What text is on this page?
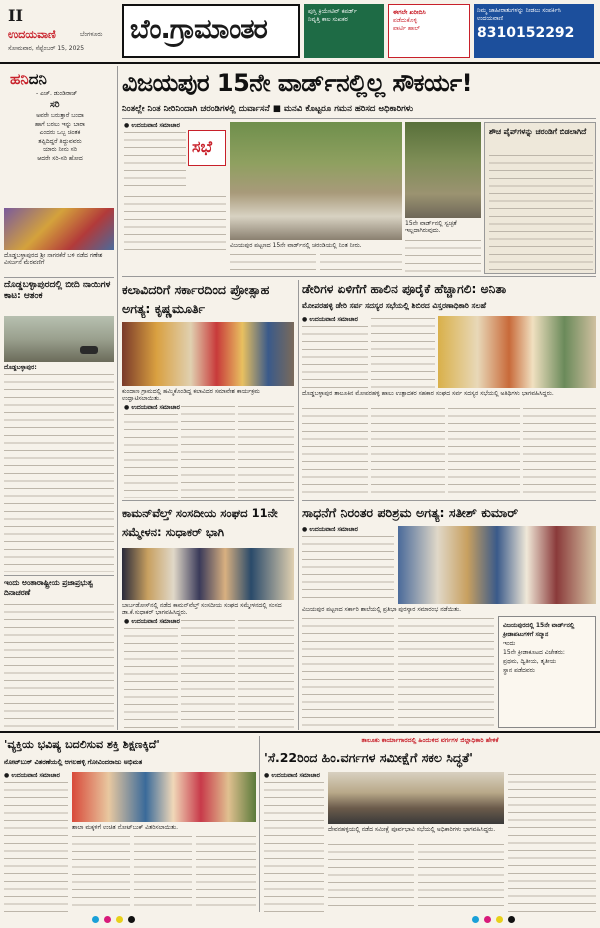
II
ಉದಯವಾಣಿ	ಬೆಂಗಳೂರು
ಸೋಮವಾರ, ಸೆಪ್ಟೆಂಬರ್ 15, 2025
ಬೆಂ.ಗ್ರಾಮಾಂತರ
ಪುಸ್ತಿ ಕ್ರಿಯೇಟಿವ್ ಕಪರ್ಡ್
ನಿವೃತ್ತಿ ಕಾಲ ಸುಖಕರ
ಈಗಲೇ ಖರೀದಿಸಿ
ಪಡೆದುಕೊಳ್ಳಿ
ಪಾರ್ಟಿ ಹಾಲ್
ನಿಮ್ಮ ಜಾಹೀರಾತುಗಳನ್ನು ನೀಡಲು ಸಂಪರ್ಕಿಸಿ
ಉದಯವಾಣಿ
8310152292
ಹನಿದನಿ
- ಎಚ್. ಡುಂಡಿರಾಜ್
ಸರಿ
ಅವರೇ ಬರುತ್ತಾರೆ ಬಂದಾ
ಹಾಗೆ ಬರಲು ಇನ್ನು ಬಾರಾ
ಎಂದರು ಒಬ್ಬ ಚಿಂತಕ
ತಪ್ಪಿದಿದ್ದರೆ ತಿದ್ದುವವರು
ಯಾರು ನೀನು ಸರಿ
ಆದರೇ ಸರಿ-ಸರಿ ಹೋದ
ದೊಡ್ಡಬಳ್ಳಾಪುರದ ಶ್ರೀ ನಾಗರಕೆರೆ ಬಳಿ ನಡೆದ ಗಣೇಶ ವಿಸರ್ಜನೆ ಮೆರವಣಿಗೆ
ದೊಡ್ಡಬಳ್ಳಾಪುರದಲ್ಲಿ ಬೀದಿ ನಾಯಿಗಳ ಕಾಟ: ಆತಂಕ
ದೊಡ್ಡಬಳ್ಳಾಪುರ:
ಇಂದು ಅಂತಾರಾಷ್ಟ್ರೀಯ ಪ್ರಜಾಪ್ರಭುತ್ವ ದಿನಾಚರಣೆ
ವಿಜಯಪುರ 15ನೇ ವಾರ್ಡ್‌ನಲ್ಲಿಲ್ಲ ಸೌಕರ್ಯ!
ನಿಂತಲ್ಲೇ ನಿಂತ ನೀರಿನಿಂದಾಗಿ ಚರಂಡಿಗಳಲ್ಲಿ ದುರ್ವಾಸನೆ ■ ಮನವಿ ಕೊಟ್ಟರೂ ಗಮನ ಹರಿಸದ ಅಧಿಕಾರಿಗಳು
● ಉದಯವಾಣಿ ಸಮಾಚಾರ
ಸಭೆ
ವಿಜಯಪುರ ಪಟ್ಟಣದ 15ನೇ ವಾರ್ಡ್‌ನಲ್ಲಿ ಚರಂಡಿಯಲ್ಲಿ ನಿಂತ ನೀರು.
15ನೇ ವಾರ್ಡ್‌ನಲ್ಲಿ ಸ್ವಚ್ಛತೆ ಇಲ್ಲದಾಗಿರುವುದು.
ಶೌಚ ಪೈಪ್‌ಗಳನ್ನು ಚರಂಡಿಗೆ ಬಿಡಲಾಗಿದೆ
ಕಲಾವಿದರಿಗೆ ಸರ್ಕಾರದಿಂದ ಪ್ರೋತ್ಸಾಹ ಅಗತ್ಯ: ಕೃಷ್ಣಮೂರ್ತಿ
ಕುಂದಾಣ ಗ್ರಾಮದಲ್ಲಿ ಹಮ್ಮಿಕೊಂಡಿದ್ದ ಕಲಾವಿದರ ಸಮಾವೇಶ ಕಾರ್ಯಕ್ರಮ ಉದ್ಘಾಟಿಸಲಾಯಿತು.
● ಉದಯವಾಣಿ ಸಮಾಚಾರ
ಡೇರಿಗಳ ಏಳಿಗೆಗೆ ಹಾಲಿನ ಪೂರೈಕೆ ಹೆಚ್ಚಾಗಲಿ: ಅನಿತಾ
ಮೋಪರಹಳ್ಳಿ ಡೇರಿ ಸರ್ವ ಸದಸ್ಯರ ಸಭೆಯಲ್ಲಿ ಶಿಬಿರದ ವಿಸ್ತರಣಾಧಿಕಾರಿ ಸಲಹೆ
● ಉದಯವಾಣಿ ಸಮಾಚಾರ
ದೊಡ್ಡಬಳ್ಳಾಪುರ ತಾಲೂಕಿನ ಮೋಪರಹಳ್ಳಿ ಹಾಲು ಉತ್ಪಾದಕರ ಸಹಕಾರ ಸಂಘದ ಸರ್ವ ಸದಸ್ಯರ ಸಭೆಯಲ್ಲಿ ಅತಿಥಿಗಳು ಭಾಗವಹಿಸಿದ್ದರು.
ಕಾಮನ್‌ವೆಲ್ತ್ ಸಂಸದೀಯ ಸಂಘದ 11ನೇ ಸಮ್ಮೇಳನ: ಸುಧಾಕರ್ ಭಾಗಿ
ಬಾರ್ಬಡೋಸ್‌ನಲ್ಲಿ ನಡೆದ ಕಾಮನ್‌ವೆಲ್ತ್ ಸಂಸದೀಯ ಸಂಘದ ಸಮ್ಮೇಳನದಲ್ಲಿ ಸಂಸದ ಡಾ.ಕೆ.ಸುಧಾಕರ್ ಭಾಗವಹಿಸಿದ್ದರು.
● ಉದಯವಾಣಿ ಸಮಾಚಾರ
ಸಾಧನೆಗೆ ನಿರಂತರ ಪರಿಶ್ರಮ ಅಗತ್ಯ: ಸತೀಶ್ ಕುಮಾರ್
● ಉದಯವಾಣಿ ಸಮಾಚಾರ
ವಿಜಯಪುರ ಪಟ್ಟಣದ ಸರ್ಕಾರಿ ಶಾಲೆಯಲ್ಲಿ ಪ್ರತಿಭಾ ಪುರಸ್ಕಾರ ಸಮಾರಂಭ ನಡೆಯಿತು.
ವಿಜಯಪುರದಲ್ಲಿ 15ನೇ ವಾರ್ಡ್‌ನಲ್ಲಿ
ಕ್ರೀಡಾಪಟುಗಳಿಗೆ ಸನ್ಮಾನ
ಇಂದು
15ನೇ ಕ್ರೀಡಾಕೂಟದ ವಿಜೇತರು:
ಪ್ರಥಮ, ದ್ವಿತೀಯ, ತೃತೀಯ
ಸ್ಥಾನ ಪಡೆದವರು
'ವ್ಯಕ್ತಿಯ ಭವಿಷ್ಯ ಬದಲಿಸುವ ಶಕ್ತಿ ಶಿಕ್ಷಣಕ್ಕಿದೆ'
ನೋಟ್‌ಬುಕ್ ವಿತರಣೆಯಲ್ಲಿ ಆಗಲಹಳ್ಳಿ ಗೋವಿಂದರಾಜು ಅಭಿಮತ
● ಉದಯವಾಣಿ ಸಮಾಚಾರ
ಶಾಲಾ ಮಕ್ಕಳಿಗೆ ಉಚಿತ ನೋಟ್‌ಬುಕ್ ವಿತರಿಸಲಾಯಿತು.
ತಾಲೂಕು ಕಾರ್ಯಾಗಾರದಲ್ಲಿ ಹಿಂದುಳಿದ ವರ್ಗಗಳ ಜಿಲ್ಲಾಧಿಕಾರಿ ಹೇಳಿಕೆ
'ಸೆ.22ರಿಂದ ಹಿಂ.ವರ್ಗಗಳ ಸಮೀಕ್ಷೆಗೆ ಸಕಲ ಸಿದ್ಧತೆ'
● ಉದಯವಾಣಿ ಸಮಾಚಾರ
ದೇವನಹಳ್ಳಿಯಲ್ಲಿ ನಡೆದ ಸಮೀಕ್ಷೆ ಪೂರ್ವಭಾವಿ ಸಭೆಯಲ್ಲಿ ಅಧಿಕಾರಿಗಳು ಭಾಗವಹಿಸಿದ್ದರು.
